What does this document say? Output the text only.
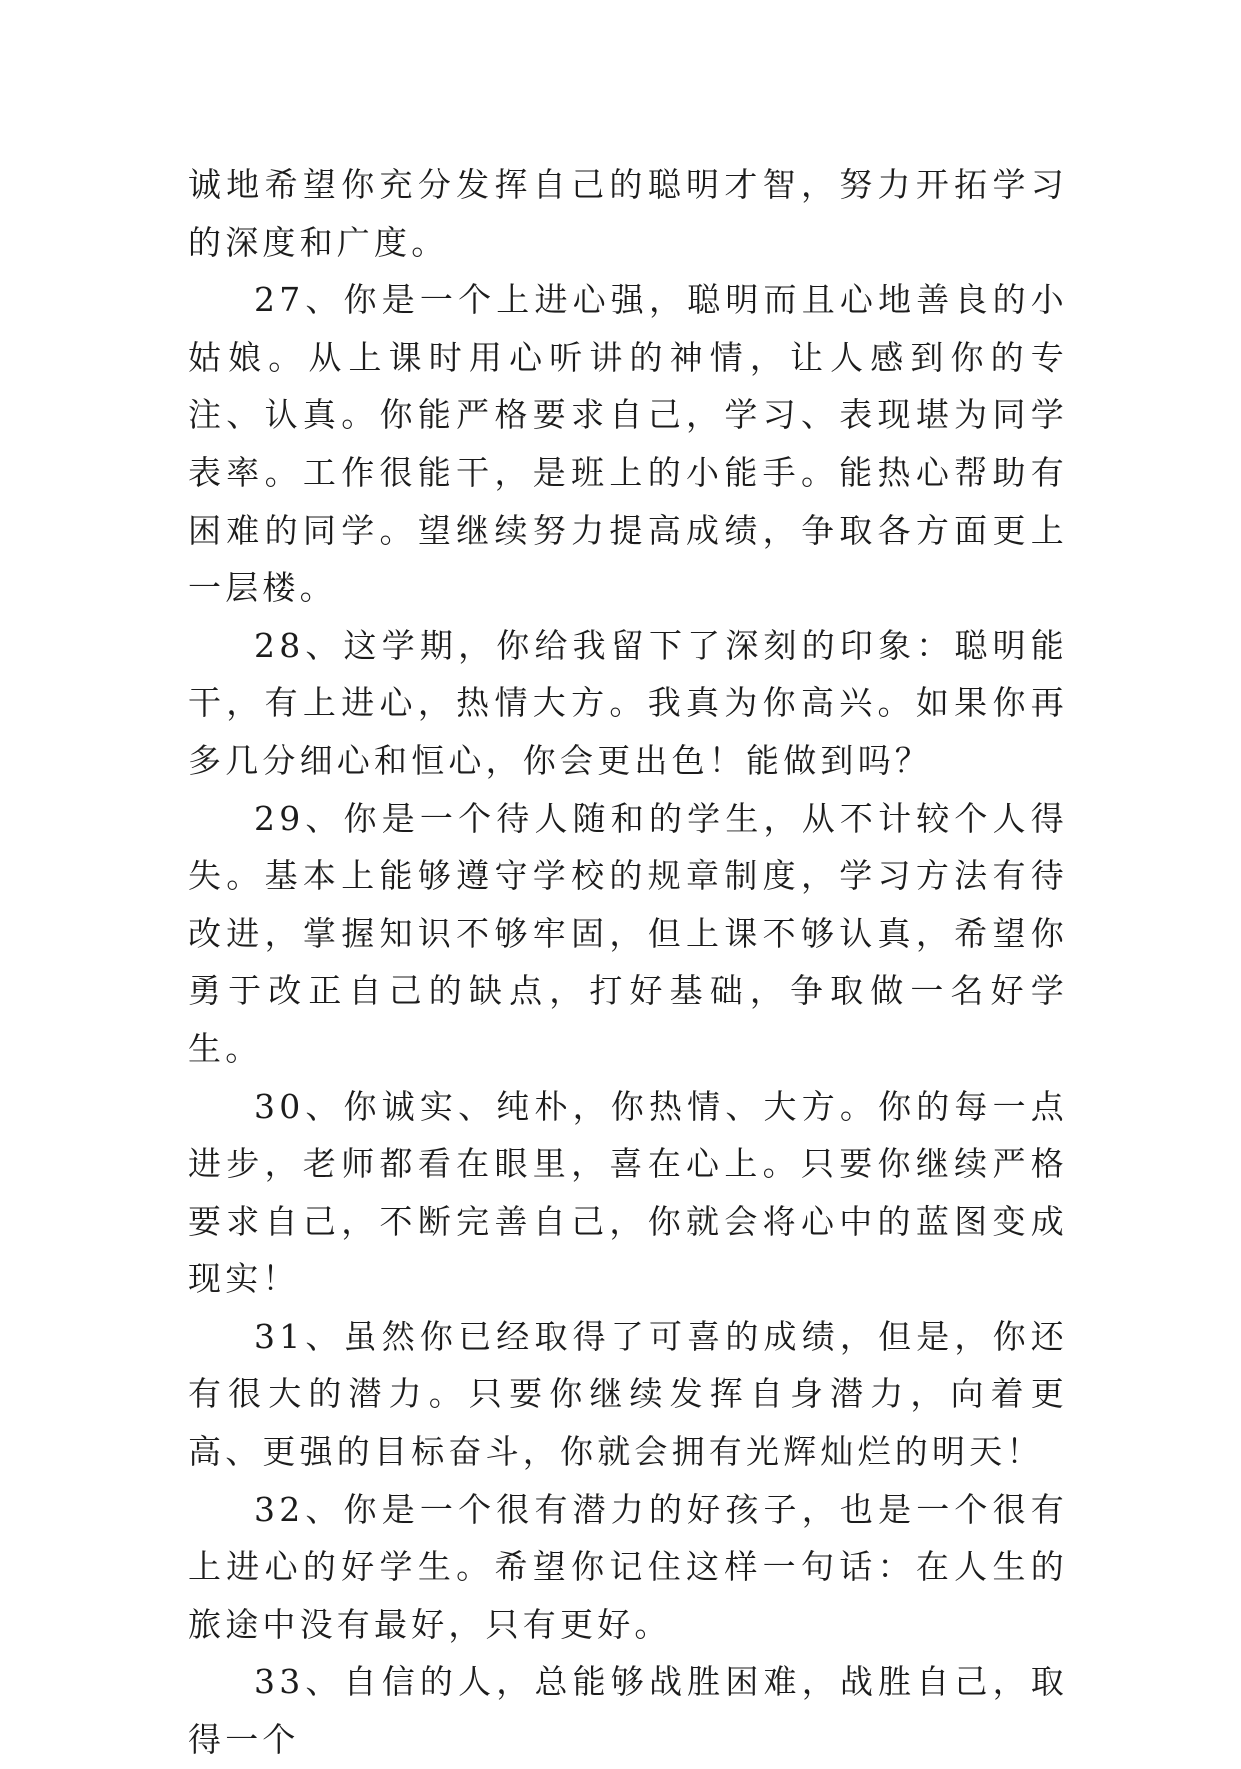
诚地希望你充分发挥自己的聪明才智，努力开拓学习的深度和广度。

27、你是一个上进心强，聪明而且心地善良的小姑娘。从上课时用心听讲的神情，让人感到你的专注、认真。你能严格要求自己，学习、表现堪为同学表率。工作很能干，是班上的小能手。能热心帮助有困难的同学。望继续努力提高成绩，争取各方面更上一层楼。

28、这学期，你给我留下了深刻的印象：聪明能干，有上进心，热情大方。我真为你高兴。如果你再多几分细心和恒心，你会更出色！能做到吗？

29、你是一个待人随和的学生，从不计较个人得失。基本上能够遵守学校的规章制度，学习方法有待改进，掌握知识不够牢固，但上课不够认真，希望你勇于改正自己的缺点，打好基础，争取做一名好学生。

30、你诚实、纯朴，你热情、大方。你的每一点进步，老师都看在眼里，喜在心上。只要你继续严格要求自己，不断完善自己，你就会将心中的蓝图变成现实！

31、虽然你已经取得了可喜的成绩，但是，你还有很大的潜力。只要你继续发挥自身潜力，向着更高、更强的目标奋斗，你就会拥有光辉灿烂的明天！

32、你是一个很有潜力的好孩子，也是一个很有上进心的好学生。希望你记住这样一句话：在人生的旅途中没有最好，只有更好。

33、自信的人，总能够战胜困难，战胜自己，取得一个
